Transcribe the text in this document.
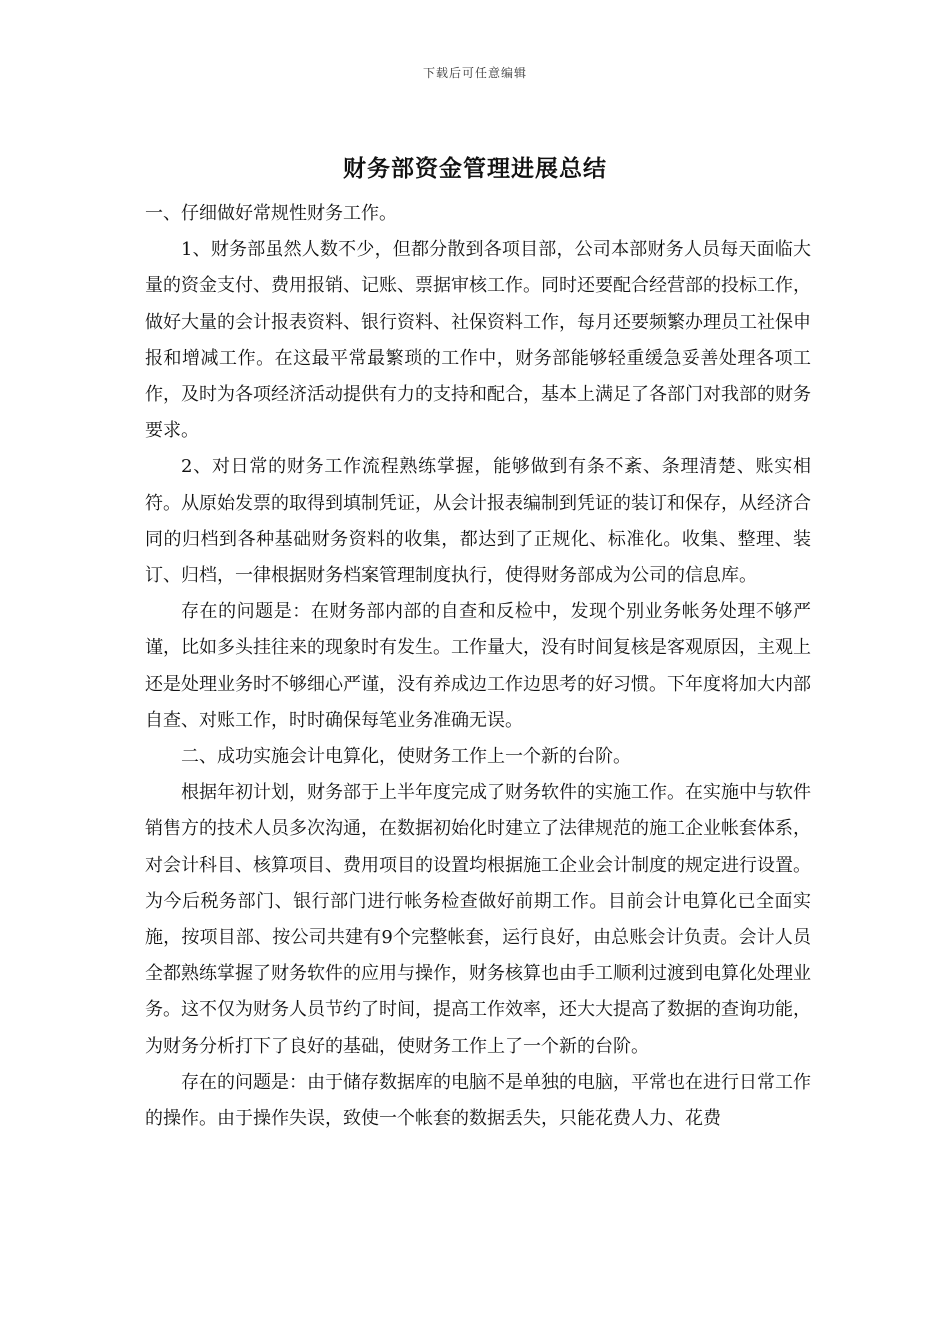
下载后可任意编辑
财务部资金管理进展总结

一、仔细做好常规性财务工作。

1、财务部虽然人数不少，但都分散到各项目部，公司本部财务人员每天面临大量的资金支付、费用报销、记账、票据审核工作。同时还要配合经营部的投标工作，做好大量的会计报表资料、银行资料、社保资料工作，每月还要频繁办理员工社保申报和增减工作。在这最平常最繁琐的工作中，财务部能够轻重缓急妥善处理各项工作，及时为各项经济活动提供有力的支持和配合，基本上满足了各部门对我部的财务要求。

2、对日常的财务工作流程熟练掌握，能够做到有条不紊、条理清楚、账实相符。从原始发票的取得到填制凭证，从会计报表编制到凭证的装订和保存，从经济合同的归档到各种基础财务资料的收集，都达到了正规化、标准化。收集、整理、装订、归档，一律根据财务档案管理制度执行，使得财务部成为公司的信息库。

存在的问题是：在财务部内部的自查和反检中，发现个别业务帐务处理不够严谨，比如多头挂往来的现象时有发生。工作量大，没有时间复核是客观原因，主观上还是处理业务时不够细心严谨，没有养成边工作边思考的好习惯。下年度将加大内部自查、对账工作，时时确保每笔业务准确无误。

二、成功实施会计电算化，使财务工作上一个新的台阶。

根据年初计划，财务部于上半年度完成了财务软件的实施工作。在实施中与软件销售方的技术人员多次沟通，在数据初始化时建立了法律规范的施工企业帐套体系，对会计科目、核算项目、费用项目的设置均根据施工企业会计制度的规定进行设置。为今后税务部门、银行部门进行帐务检查做好前期工作。目前会计电算化已全面实施，按项目部、按公司共建有9个完整帐套，运行良好，由总账会计负责。会计人员全都熟练掌握了财务软件的应用与操作，财务核算也由手工顺利过渡到电算化处理业务。这不仅为财务人员节约了时间，提高工作效率，还大大提高了数据的查询功能，为财务分析打下了良好的基础，使财务工作上了一个新的台阶。

存在的问题是：由于储存数据库的电脑不是单独的电脑，平常也在进行日常工作的操作。由于操作失误，致使一个帐套的数据丢失，只能花费人力、花费
